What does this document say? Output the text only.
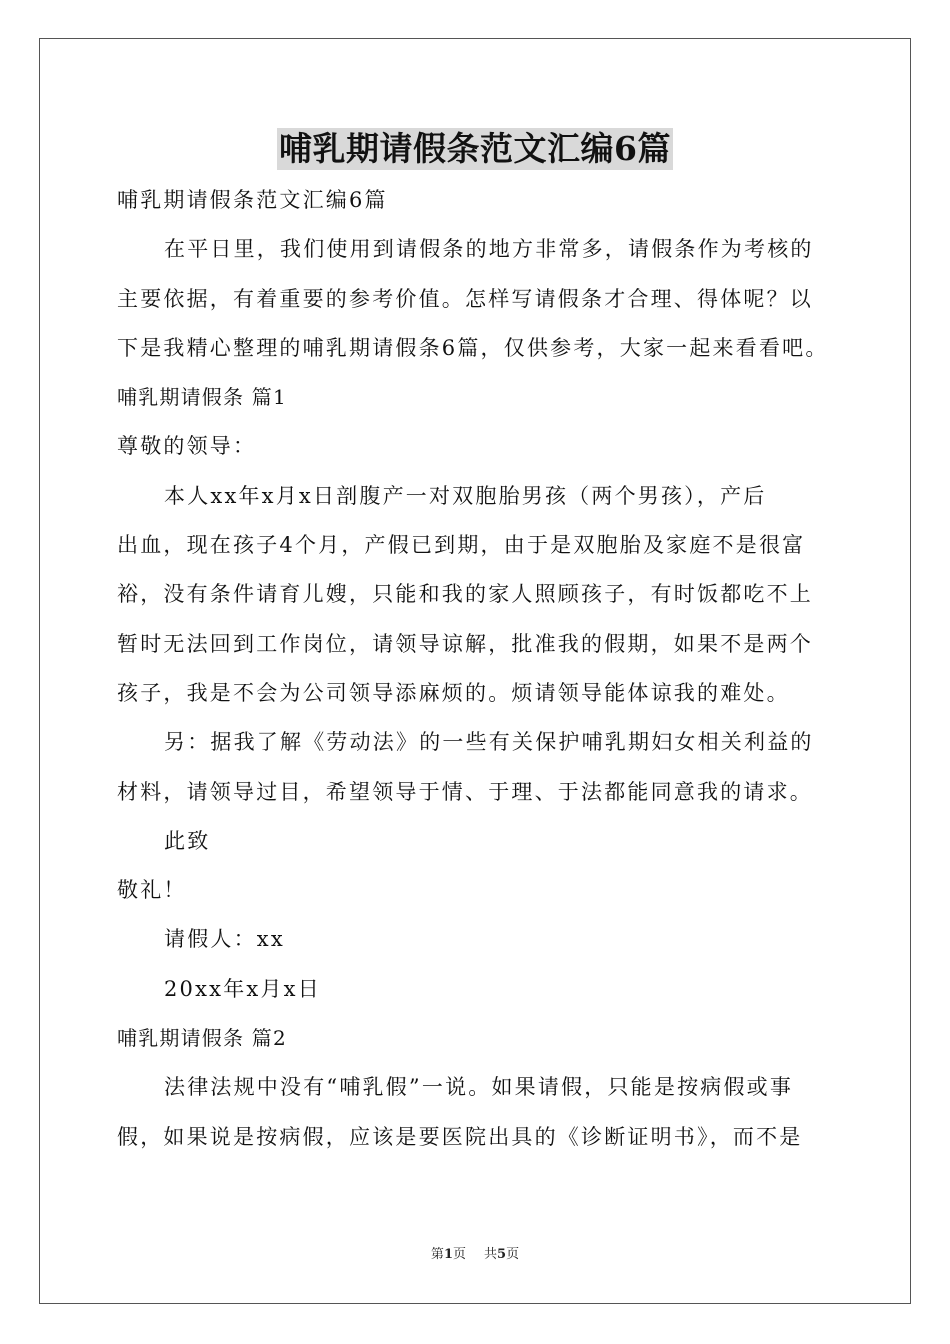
哺乳期请假条范文汇编6篇
哺乳期请假条范文汇编6篇
在平日里，我们使用到请假条的地方非常多，请假条作为考核的
主要依据，有着重要的参考价值。怎样写请假条才合理、得体呢？以
下是我精心整理的哺乳期请假条6篇，仅供参考，大家一起来看看吧。
哺乳期请假条 篇1
尊敬的领导：
本人xx年x月x日剖腹产一对双胞胎男孩（两个男孩），产后
出血，现在孩子4个月，产假已到期，由于是双胞胎及家庭不是很富
裕，没有条件请育儿嫂，只能和我的家人照顾孩子，有时饭都吃不上
暂时无法回到工作岗位，请领导谅解，批准我的假期，如果不是两个
孩子，我是不会为公司领导添麻烦的。烦请领导能体谅我的难处。
另：据我了解《劳动法》的一些有关保护哺乳期妇女相关利益的
材料，请领导过目，希望领导于情、于理、于法都能同意我的请求。
此致
敬礼！
请假人：xx
20xx年x月x日
哺乳期请假条 篇2
法律法规中没有“哺乳假”一说。如果请假，只能是按病假或事
假，如果说是按病假，应该是要医院出具的《诊断证明书》，而不是
第1页 共5页
